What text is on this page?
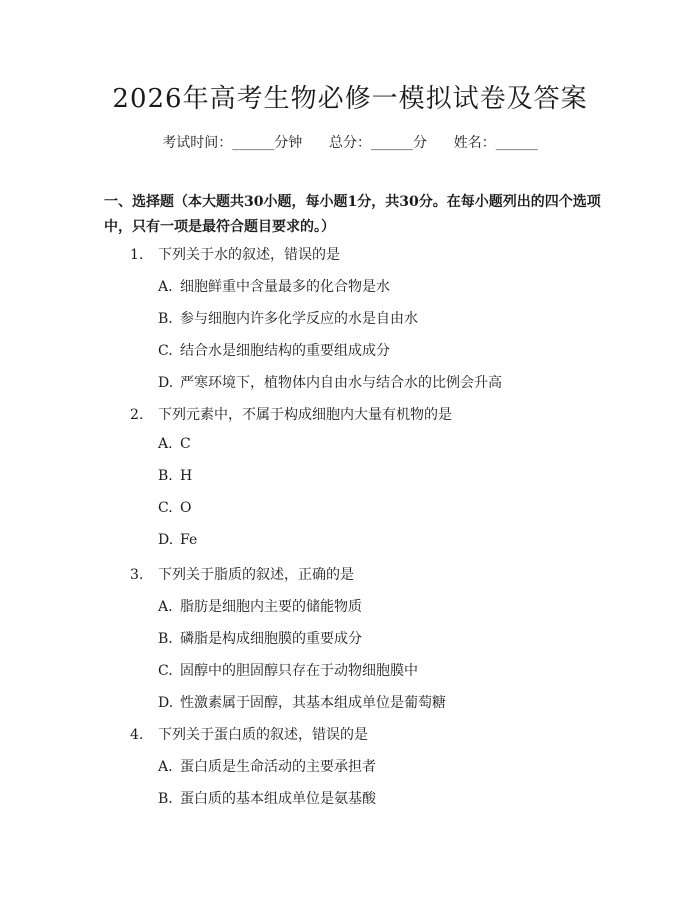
2026年高考生物必修一模拟试卷及答案
考试时间：______分钟      总分：______分      姓名：______

一、选择题（本大题共30小题，每小题1分，共30分。在每小题列出的四个选项中，只有一项是最符合题目要求的。）

1. 下列关于水的叙述，错误的是
A. 细胞鲜重中含量最多的化合物是水
B. 参与细胞内许多化学反应的水是自由水
C. 结合水是细胞结构的重要组成成分
D. 严寒环境下，植物体内自由水与结合水的比例会升高
2. 下列元素中，不属于构成细胞内大量有机物的是
A. C
B. H
C. O
D. Fe
3. 下列关于脂质的叙述，正确的是
A. 脂肪是细胞内主要的储能物质
B. 磷脂是构成细胞膜的重要成分
C. 固醇中的胆固醇只存在于动物细胞膜中
D. 性激素属于固醇，其基本组成单位是葡萄糖
4. 下列关于蛋白质的叙述，错误的是
A. 蛋白质是生命活动的主要承担者
B. 蛋白质的基本组成单位是氨基酸
